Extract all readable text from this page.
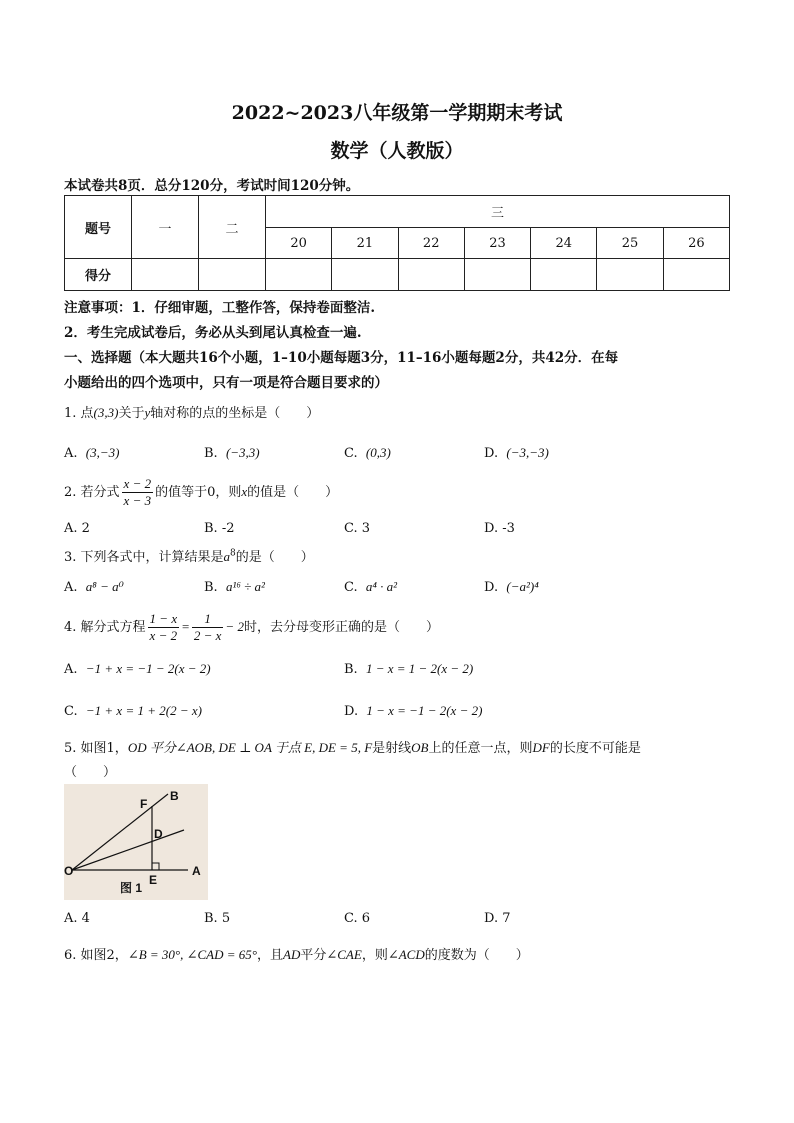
2022~2023八年级第一学期期末考试
数学（人教版）
本试卷共8页．总分120分，考试时间120分钟。
题号	一	二	三						
			20	21	22	23	24	25	26
得分									
注意事项：1．仔细审题，工整作答，保持卷面整洁.
2．考生完成试卷后，务必从头到尾认真检查一遍.
一、选择题（本大题共16个小题，1–10小题每题3分，11–16小题每题2分，共42分．在每
小题给出的四个选项中，只有一项是符合题目要求的）
1. 点(3,3)关于y轴对称的点的坐标是（　　）
A. (3,−3)	B. (−3,3)	C. (0,3)	D. (−3,−3)
2. 若分式 $\frac{x - 2}{x - 3}$ 的值等于0，则x的值是（　　）
A. 2	B. -2	C. 3	D. -3
3. 下列各式中，计算结果是$a^8$的是（　　）
A. a⁸ − a⁰	B. a¹⁶ ÷ a²	C. a⁴ · a²	D. (−a²)⁴
4. 解分式方程 $\frac{1 - x}{x - 2} = \frac{1}{2 - x} - 2$时，去分母变形正确的是（　　）
A. −1 + x = −1 − 2(x − 2)	B. 1 − x = 1 − 2(x − 2)
C. −1 + x = 1 + 2(2 − x)	D. 1 − x = −1 − 2(x − 2)
5. 如图1，OD 平分∠AOB, DE ⊥ OA 于点 E, DE = 5, F是射线OB上的任意一点，则DF的长度不可能是
（　　）
F
B
D
O
E
A
图 1
A. 4	B. 5	C. 6	D. 7
6. 如图2，∠B = 30°, ∠CAD = 65°，且AD平分∠CAE，则∠ACD的度数为（　　）
